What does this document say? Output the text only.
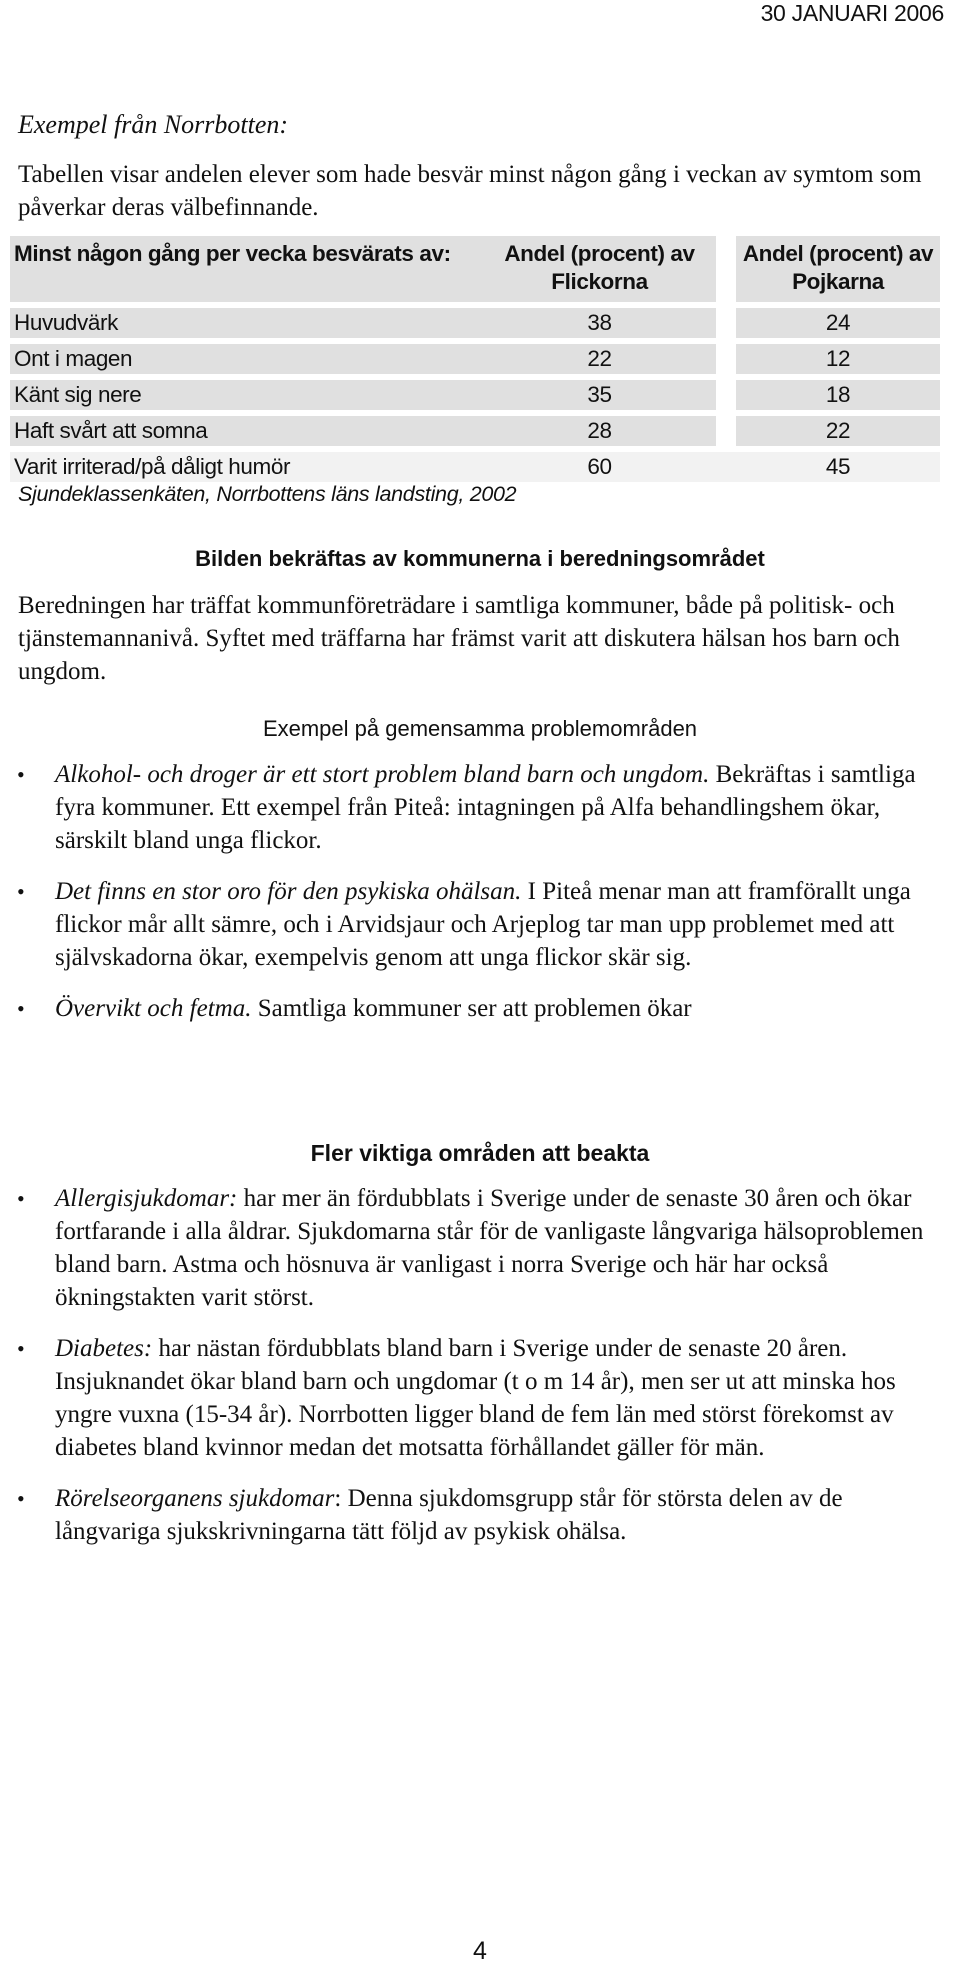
30 JANUARI 2006
Exempel från Norrbotten:
Tabellen visar andelen elever som hade besvär minst någon gång i veckan av symtom som påverkar deras välbefinnande.
Minst någon gång per vecka besvärats av:	Andel (procent) av Flickorna		Andel (procent) av Pojkarna
Huvudvärk	38		24
Ont i magen	22		12
Känt sig nere	35		18
Haft svårt att somna	28		22
Varit irriterad/på dåligt humör	60		45
Sjundeklassenkäten, Norrbottens läns landsting, 2002
Bilden bekräftas av kommunerna i beredningsområdet
Beredningen har träffat kommunföreträdare i samtliga kommuner, både på politisk- och tjänstemannanivå. Syftet med träffarna har främst varit att diskutera hälsan hos barn och ungdom.
Exempel på gemensamma problemområden
• Alkohol- och droger är ett stort problem bland barn och ungdom. Bekräftas i samtliga fyra kommuner. Ett exempel från Piteå: intagningen på Alfa behandlingshem ökar, särskilt bland unga flickor.
• Det finns en stor oro för den psykiska ohälsan. I Piteå menar man att framförallt unga flickor mår allt sämre, och i Arvidsjaur och Arjeplog tar man upp problemet med att självskadorna ökar, exempelvis genom att unga flickor skär sig.
• Övervikt och fetma. Samtliga kommuner ser att problemen ökar
Fler viktiga områden att beakta
• Allergisjukdomar: har mer än fördubblats i Sverige under de senaste 30 åren och ökar fortfarande i alla åldrar. Sjukdomarna står för de vanligaste långvariga hälsoproblemen bland barn. Astma och hösnuva är vanligast i norra Sverige och här har också ökningstakten varit störst.
• Diabetes: har nästan fördubblats bland barn i Sverige under de senaste 20 åren. Insjuknandet ökar bland barn och ungdomar (t o m 14 år), men ser ut att minska hos yngre vuxna (15-34 år). Norrbotten ligger bland de fem län med störst förekomst av diabetes bland kvinnor medan det motsatta förhållandet gäller för män.
• Rörelseorganens sjukdomar: Denna sjukdomsgrupp står för största delen av de långvariga sjukskrivningarna tätt följd av psykisk ohälsa.
4
